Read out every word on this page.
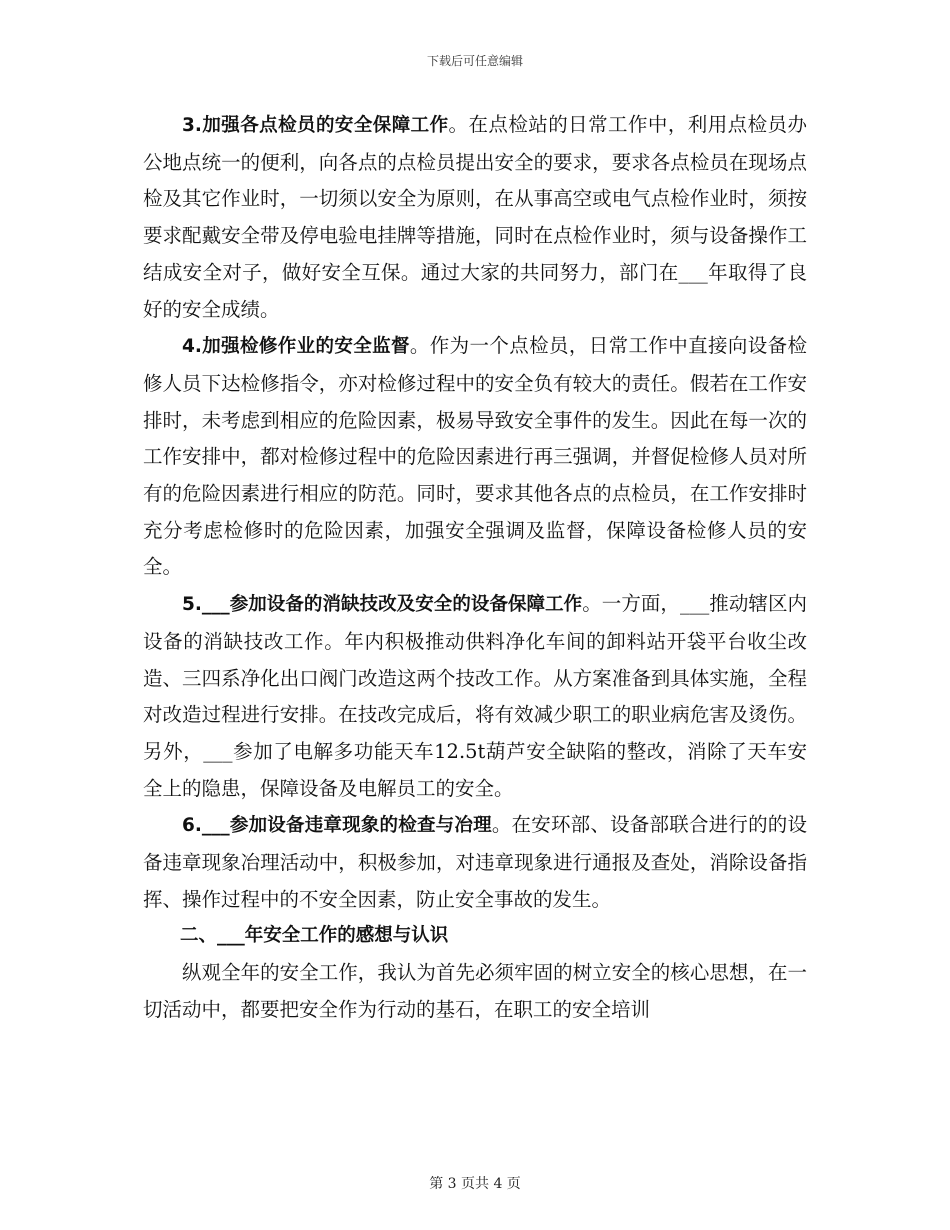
下载后可任意编辑

3.加强各点检员的安全保障工作。在点检站的日常工作中，利用点检员办公地点统一的便利，向各点的点检员提出安全的要求，要求各点检员在现场点检及其它作业时，一切须以安全为原则，在从事高空或电气点检作业时，须按要求配戴安全带及停电验电挂牌等措施，同时在点检作业时，须与设备操作工结成安全对子，做好安全互保。通过大家的共同努力，部门在___年取得了良好的安全成绩。

4.加强检修作业的安全监督。作为一个点检员，日常工作中直接向设备检修人员下达检修指令，亦对检修过程中的安全负有较大的责任。假若在工作安排时，未考虑到相应的危险因素，极易导致安全事件的发生。因此在每一次的工作安排中，都对检修过程中的危险因素进行再三强调，并督促检修人员对所有的危险因素进行相应的防范。同时，要求其他各点的点检员，在工作安排时充分考虑检修时的危险因素，加强安全强调及监督，保障设备检修人员的安全。

5.___参加设备的消缺技改及安全的设备保障工作。一方面，___推动辖区内设备的消缺技改工作。年内积极推动供料净化车间的卸料站开袋平台收尘改造、三四系净化出口阀门改造这两个技改工作。从方案准备到具体实施，全程对改造过程进行安排。在技改完成后，将有效减少职工的职业病危害及烫伤。另外，___参加了电解多功能天车12.5t葫芦安全缺陷的整改，消除了天车安全上的隐患，保障设备及电解员工的安全。

6.___参加设备违章现象的检查与冶理。在安环部、设备部联合进行的的设备违章现象冶理活动中，积极参加，对违章现象进行通报及查处，消除设备指挥、操作过程中的不安全因素，防止安全事故的发生。

二、___年安全工作的感想与认识

纵观全年的安全工作，我认为首先必须牢固的树立安全的核心思想，在一切活动中，都要把安全作为行动的基石，在职工的安全培训

第 3 页共 4 页
